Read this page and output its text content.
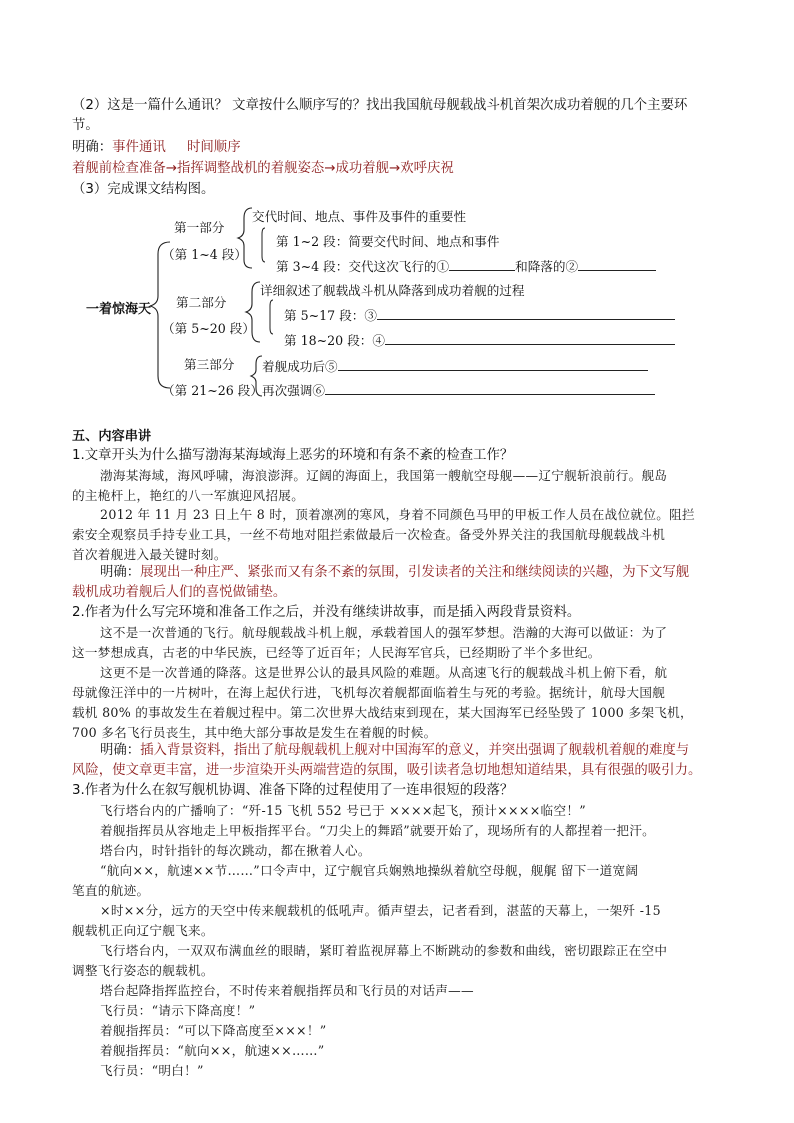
（2）这是一篇什么通讯？ 文章按什么顺序写的？找出我国航母舰载战斗机首架次成功着舰的几个主要环
节。
明确：事件通讯     时间顺序
着舰前检查准备→指挥调整战机的着舰姿态→成功着舰→欢呼庆祝
（3）完成课文结构图。
一着惊海天
第一部分
（第 1~4 段）
交代时间、地点、事件及事件的重要性
第 1~2 段：简要交代时间、地点和事件
第 3~4 段：交代这次飞行的①	和降落的②
第二部分
（第 5~20 段）
详细叙述了舰载战斗机从降落到成功着舰的过程
第 5~17 段：③
第 18~20 段：④
第三部分
（第 21~26 段）
着舰成功后⑤
再次强调⑥
五、内容串讲
1.文章开头为什么描写渤海某海域海上恶劣的环境和有条不紊的检查工作？
渤海某海域，海风呼啸，海浪澎湃。辽阔的海面上，我国第一艘航空母舰——辽宁舰斩浪前行。舰岛
的主桅杆上，艳红的八一军旗迎风招展。
2012 年 11 月 23 日上午 8 时，顶着凛冽的寒风，身着不同颜色马甲的甲板工作人员在战位就位。阻拦
索安全观察员手持专业工具，一丝不苟地对阻拦索做最后一次检查。备受外界关注的我国航母舰载战斗机
首次着舰进入最关键时刻。
明确：展现出一种庄严、紧张而又有条不紊的氛围，引发读者的关注和继续阅读的兴趣，为下文写舰
载机成功着舰后人们的喜悦做铺垫。
2.作者为什么写完环境和准备工作之后，并没有继续讲故事，而是插入两段背景资料。
这不是一次普通的飞行。航母舰载战斗机上舰，承载着国人的强军梦想。浩瀚的大海可以做证：为了
这一梦想成真，古老的中华民族，已经等了近百年；人民海军官兵，已经期盼了半个多世纪。
这更不是一次普通的降落。这是世界公认的最具风险的难题。从高速飞行的舰载战斗机上俯下看，航
母就像汪洋中的一片树叶，在海上起伏行进，飞机每次着舰都面临着生与死的考验。据统计，航母大国舰
载机 80% 的事故发生在着舰过程中。第二次世界大战结束到现在，某大国海军已经坠毁了 1000 多架飞机，
700 多名飞行员丧生，其中绝大部分事故是发生在着舰的时候。
明确：插入背景资料，指出了航母舰载机上舰对中国海军的意义，并突出强调了舰载机着舰的难度与
风险，使文章更丰富，进一步渲染开头两端营造的氛围，吸引读者急切地想知道结果，具有很强的吸引力。
3.作者为什么在叙写舰机协调、准备下降的过程使用了一连串很短的段落？
飞行塔台内的广播响了：“歼-15 飞机 552 号已于 ××××起飞，预计××××临空！”
着舰指挥员从容地走上甲板指挥平台。“刀尖上的舞蹈”就要开始了，现场所有的人都捏着一把汗。
塔台内，时针指针的每次跳动，都在揪着人心。
“航向××，航速××节……”口令声中，辽宁舰官兵娴熟地操纵着航空母舰，舰艉 留下一道宽阔
笔直的航迹。
×时××分，远方的天空中传来舰载机的低吼声。循声望去，记者看到，湛蓝的天幕上，一架歼 -15
舰载机正向辽宁舰飞来。
飞行塔台内，一双双布满血丝的眼睛，紧盯着监视屏幕上不断跳动的参数和曲线，密切跟踪正在空中
调整飞行姿态的舰载机。
塔台起降指挥监控台，不时传来着舰指挥员和飞行员的对话声——
飞行员：“请示下降高度！”
着舰指挥员：“可以下降高度至×××！”
着舰指挥员：“航向××，航速××……”
飞行员：“明白！”
